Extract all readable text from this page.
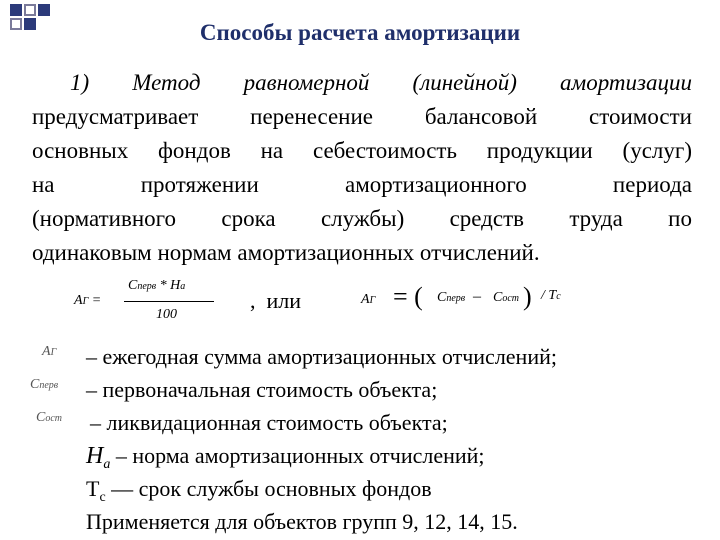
Способы расчета амортизации
1) Метод равномерной (линейной) амортизации
предусматривает перенесение балансовой стоимости
основных фондов на себестоимость продукции (услуг)
на протяжении амортизационного периода
(нормативного срока службы) средств труда по
одинаковым нормам амортизационных отчислений.
АГ =
Сперв * На
100
,  или	АГ = ( Сперв – Сост ) / Тс
АГ
Сперв
Сост
– ежегодная сумма амортизационных отчислений;
– первоначальная стоимость объекта;
– ликвидационная стоимость объекта;
$Н_а$ – норма амортизационных отчислений;
$Т_с$ — срок службы основных фондов
Применяется для объектов групп 9, 12, 14, 15.
